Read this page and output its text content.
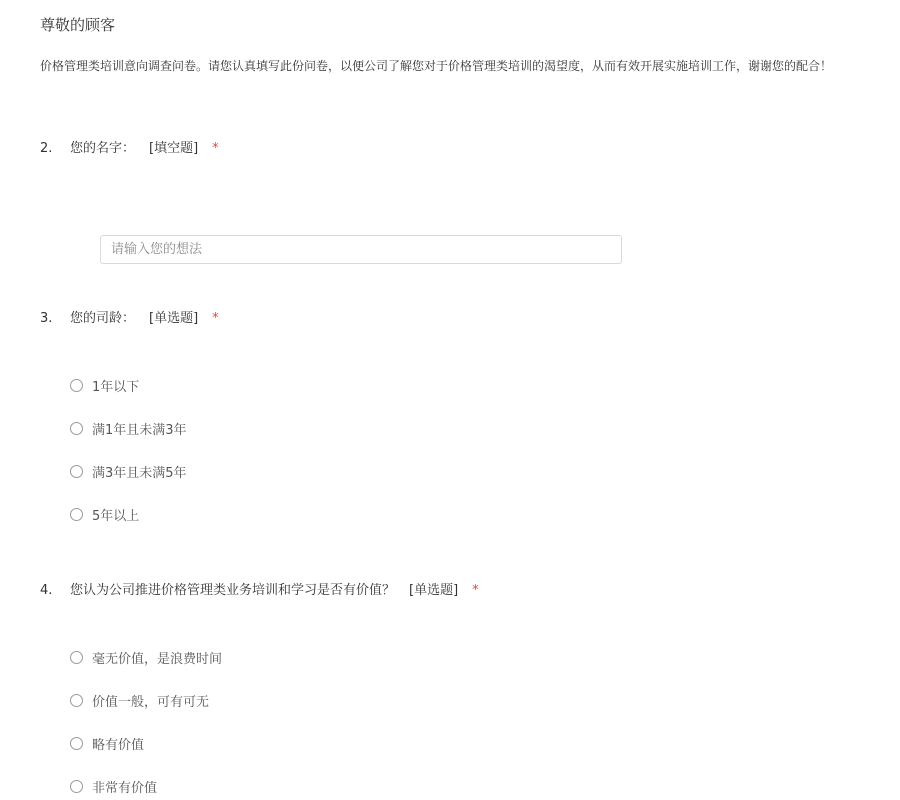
尊敬的顾客
价格管理类培训意向调查问卷。请您认真填写此份问卷，以便公司了解您对于价格管理类培训的渴望度，从而有效开展实施培训工作，谢谢您的配合！
2. 您的名字： [填空题] *
请输入您的想法
3. 您的司龄： [单选题] *
1年以下
满1年且未满3年
满3年且未满5年
5年以上
4. 您认为公司推进价格管理类业务培训和学习是否有价值？ [单选题] *
毫无价值，是浪费时间
价值一般，可有可无
略有价值
非常有价值
